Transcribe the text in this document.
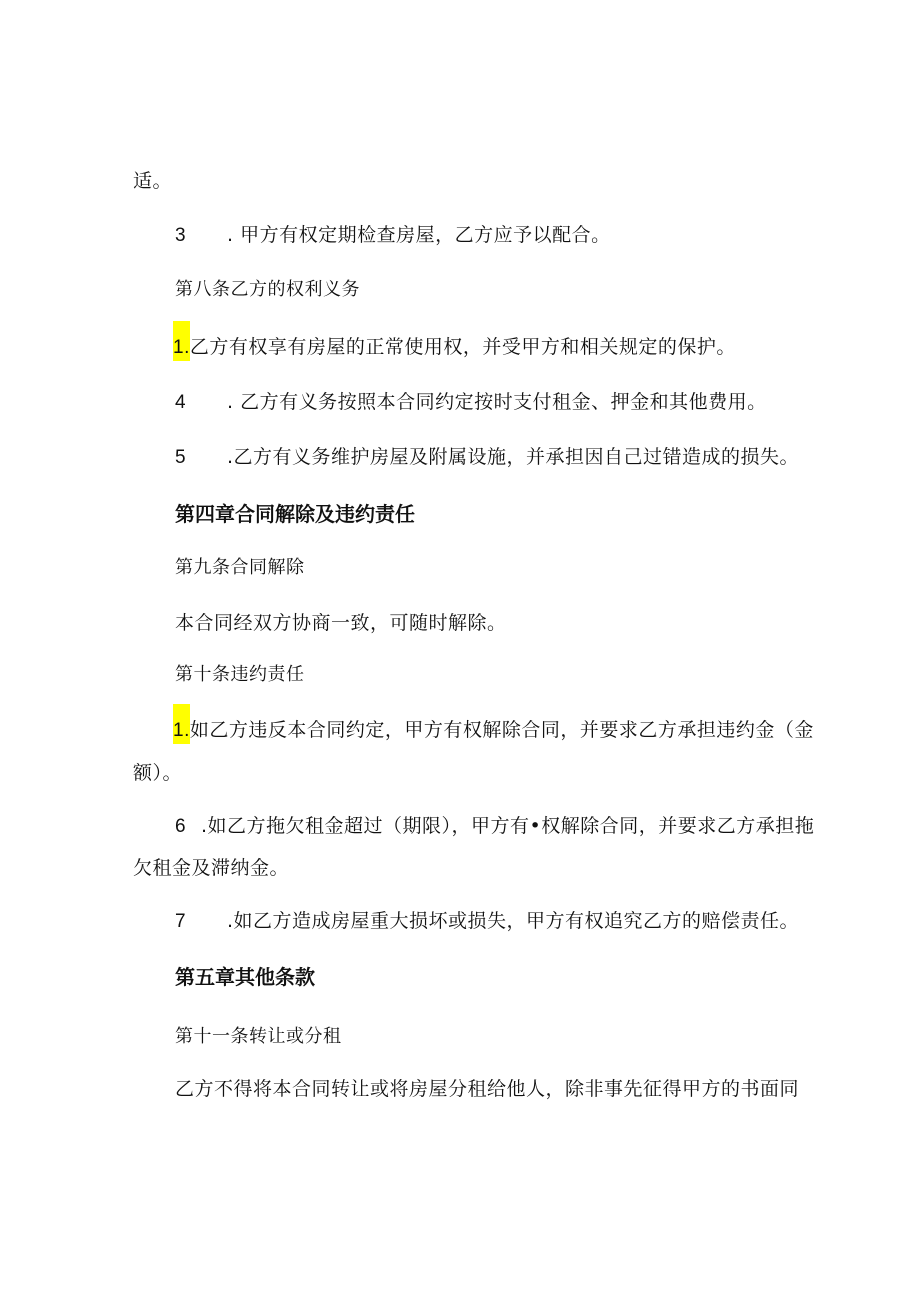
适。
3 . 甲方有权定期检查房屋，乙方应予以配合。
第八条乙方的权利义务
1.乙方有权享有房屋的正常使用权，并受甲方和相关规定的保护。
4 . 乙方有义务按照本合同约定按时支付租金、押金和其他费用。
5 .乙方有义务维护房屋及附属设施，并承担因自己过错造成的损失。
第四章合同解除及违约责任
第九条合同解除
本合同经双方协商一致，可随时解除。
第十条违约责任
1.如乙方违反本合同约定，甲方有权解除合同，并要求乙方承担违约金（金
额）。
6 .如乙方拖欠租金超过（期限），甲方有•权解除合同，并要求乙方承担拖
欠租金及滞纳金。
7 .如乙方造成房屋重大损坏或损失，甲方有权追究乙方的赔偿责任。
第五章其他条款
第十一条转让或分租
乙方不得将本合同转让或将房屋分租给他人，除非事先征得甲方的书面同
